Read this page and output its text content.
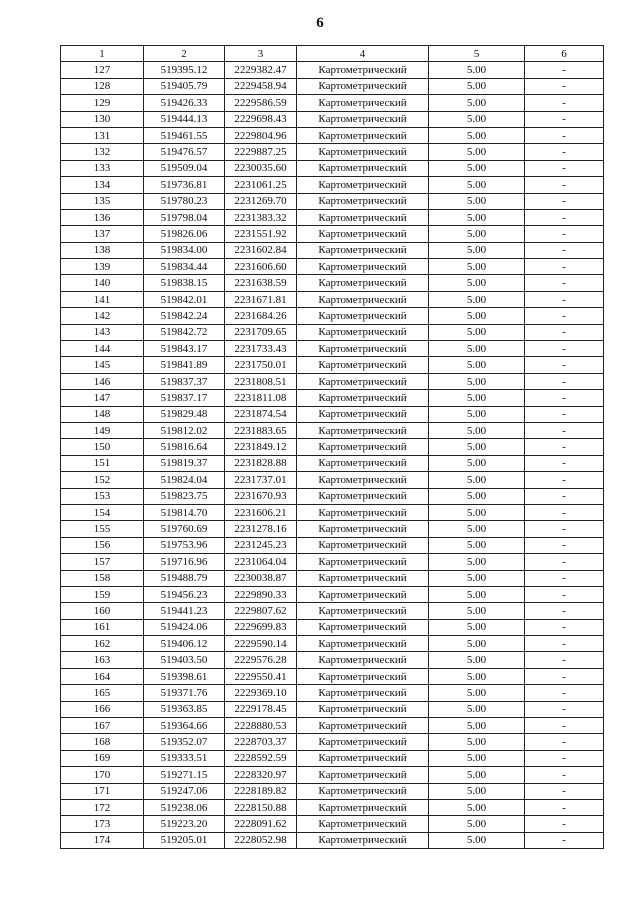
6
1	2	3	4	5	6
127	519395.12	2229382.47	Картометрический	5.00	-
128	519405.79	2229458.94	Картометрический	5.00	-
129	519426.33	2229586.59	Картометрический	5.00	-
130	519444.13	2229698.43	Картометрический	5.00	-
131	519461.55	2229804.96	Картометрический	5.00	-
132	519476.57	2229887.25	Картометрический	5.00	-
133	519509.04	2230035.60	Картометрический	5.00	-
134	519736.81	2231061.25	Картометрический	5.00	-
135	519780.23	2231269.70	Картометрический	5.00	-
136	519798.04	2231383.32	Картометрический	5.00	-
137	519826.06	2231551.92	Картометрический	5.00	-
138	519834.00	2231602.84	Картометрический	5.00	-
139	519834.44	2231606.60	Картометрический	5.00	-
140	519838.15	2231638.59	Картометрический	5.00	-
141	519842.01	2231671.81	Картометрический	5.00	-
142	519842.24	2231684.26	Картометрический	5.00	-
143	519842.72	2231709.65	Картометрический	5.00	-
144	519843.17	2231733.43	Картометрический	5.00	-
145	519841.89	2231750.01	Картометрический	5.00	-
146	519837.37	2231808.51	Картометрический	5.00	-
147	519837.17	2231811.08	Картометрический	5.00	-
148	519829.48	2231874.54	Картометрический	5.00	-
149	519812.02	2231883.65	Картометрический	5.00	-
150	519816.64	2231849.12	Картометрический	5.00	-
151	519819.37	2231828.88	Картометрический	5.00	-
152	519824.04	2231737.01	Картометрический	5.00	-
153	519823.75	2231670.93	Картометрический	5.00	-
154	519814.70	2231606.21	Картометрический	5.00	-
155	519760.69	2231278.16	Картометрический	5.00	-
156	519753.96	2231245.23	Картометрический	5.00	-
157	519716.96	2231064.04	Картометрический	5.00	-
158	519488.79	2230038.87	Картометрический	5.00	-
159	519456.23	2229890.33	Картометрический	5.00	-
160	519441.23	2229807.62	Картометрический	5.00	-
161	519424.06	2229699.83	Картометрический	5.00	-
162	519406.12	2229590.14	Картометрический	5.00	-
163	519403.50	2229576.28	Картометрический	5.00	-
164	519398.61	2229550.41	Картометрический	5.00	-
165	519371.76	2229369.10	Картометрический	5.00	-
166	519363.85	2229178.45	Картометрический	5.00	-
167	519364.66	2228880.53	Картометрический	5.00	-
168	519352.07	2228703.37	Картометрический	5.00	-
169	519333.51	2228592.59	Картометрический	5.00	-
170	519271.15	2228320.97	Картометрический	5.00	-
171	519247.06	2228189.82	Картометрический	5.00	-
172	519238.06	2228150.88	Картометрический	5.00	-
173	519223.20	2228091.62	Картометрический	5.00	-
174	519205.01	2228052.98	Картометрический	5.00	-
